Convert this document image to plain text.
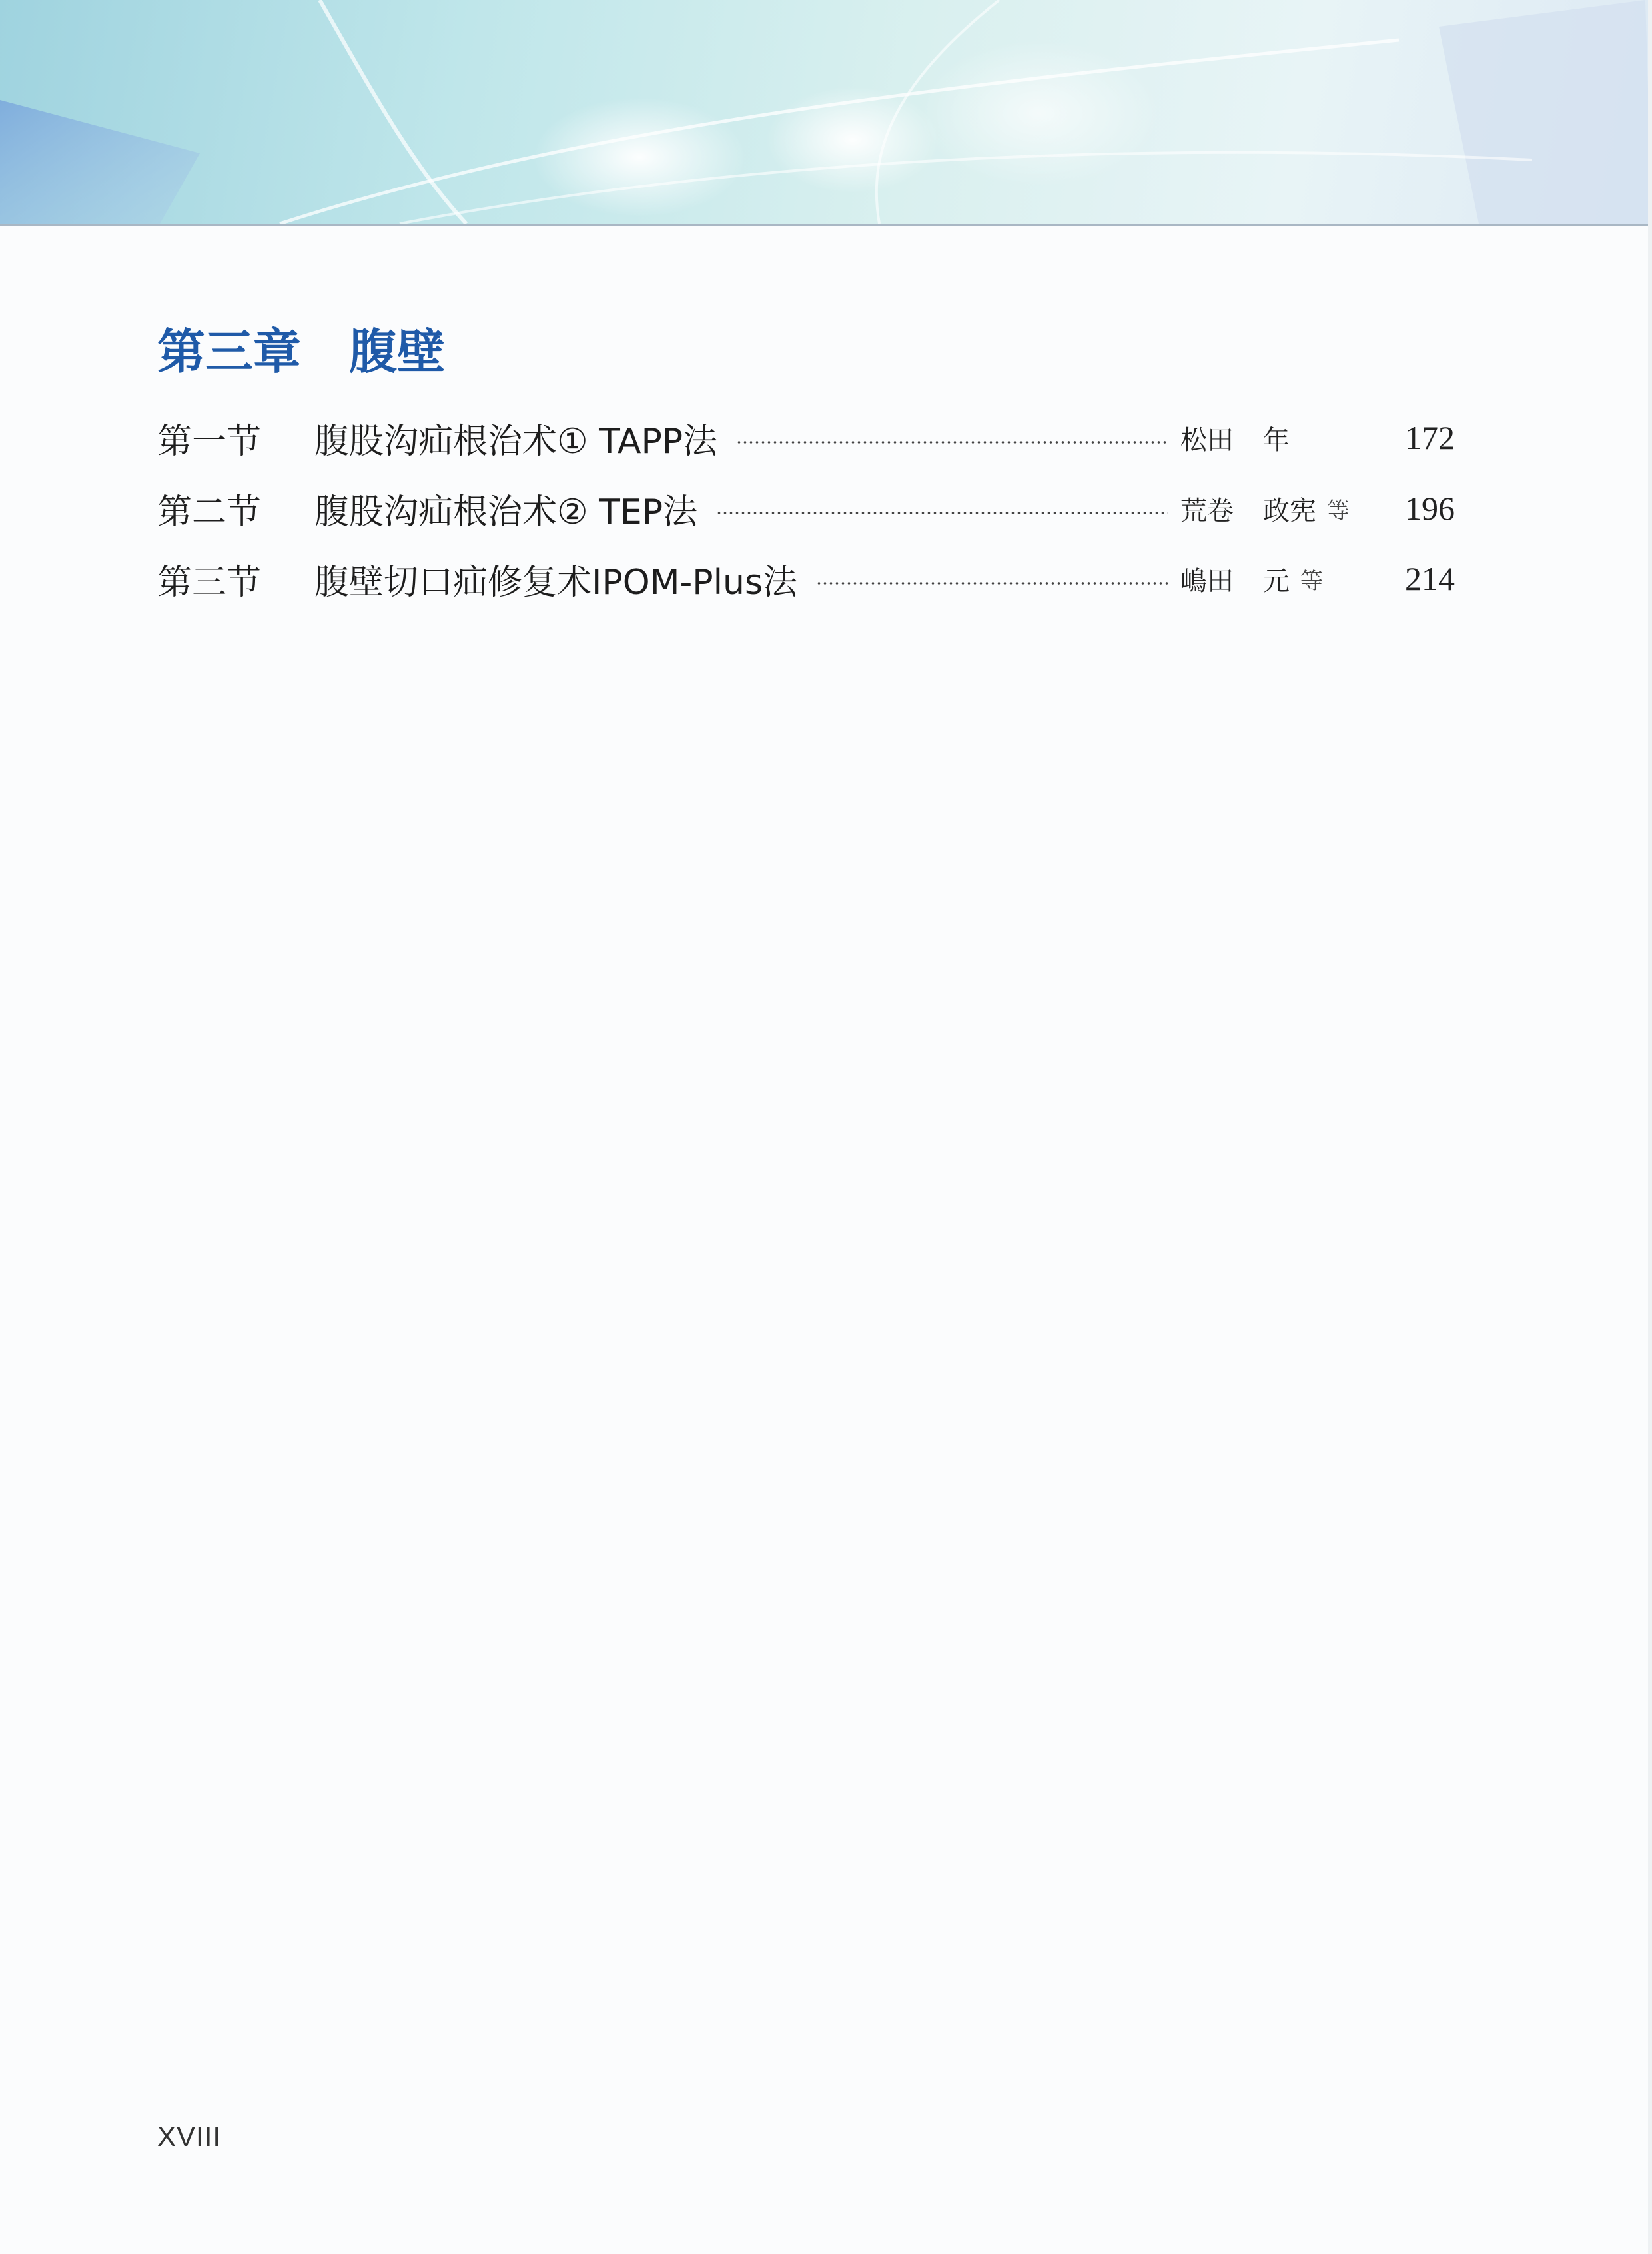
第三章 腹壁
第一节	腹股沟疝根治术① TAPP法	松田	年	172
第二节	腹股沟疝根治术② TEP法	荒卷	政宪 等	196
第三节	腹壁切口疝修复术IPOM-Plus法	嶋田	元 等	214
XVIII
